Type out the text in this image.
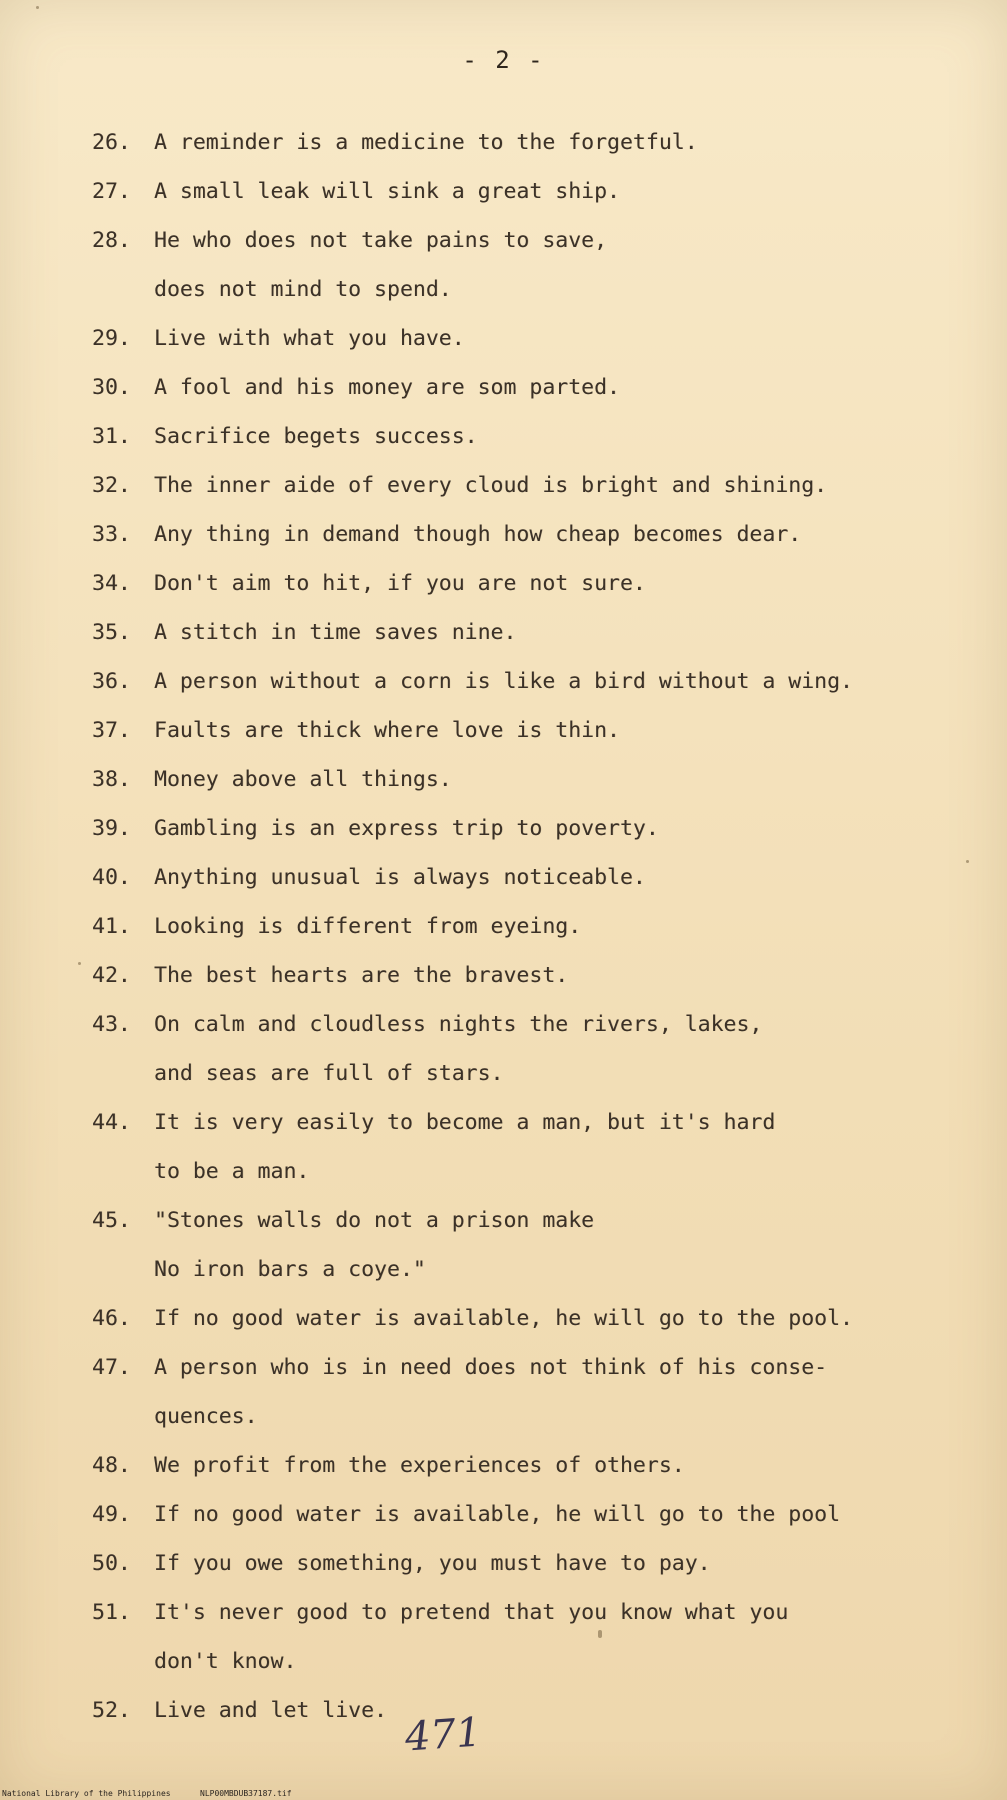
- 2 -
26.	A reminder is a medicine to the forgetful.
27.	A small leak will sink a great ship.
28.	He who does not take pains to save,
does not mind to spend.
29.	Live with what you have.
30.	A fool and his money are som parted.
31.	Sacrifice begets success.
32.	The inner aide of every cloud is bright and shining.
33.	Any thing in demand though how cheap becomes dear.
34.	Don't aim to hit, if you are not sure.
35.	A stitch in time saves nine.
36.	A person without a corn is like a bird without a wing.
37.	Faults are thick where love is thin.
38.	Money above all things.
39.	Gambling is an express trip to poverty.
40.	Anything unusual is always noticeable.
41.	Looking is different from eyeing.
42.	The best hearts are the bravest.
43.	On calm and cloudless nights the rivers, lakes,
and seas are full of stars.
44.	It is very easily to become a man, but it's hard
to be a man.
45.	"Stones walls do not a prison make
No iron bars a coye."
46.	If no good water is available, he will go to the pool.
47.	A person who is in need does not think of his conse-
quences.
48.	We profit from the experiences of others.
49.	If no good water is available, he will go to the pool
50.	If you owe something, you must have to pay.
51.	It's never good to pretend that you know what you
don't know.
52.	Live and let live. 471
National Library of the Philippines	NLP00MBDUB37187.tif
